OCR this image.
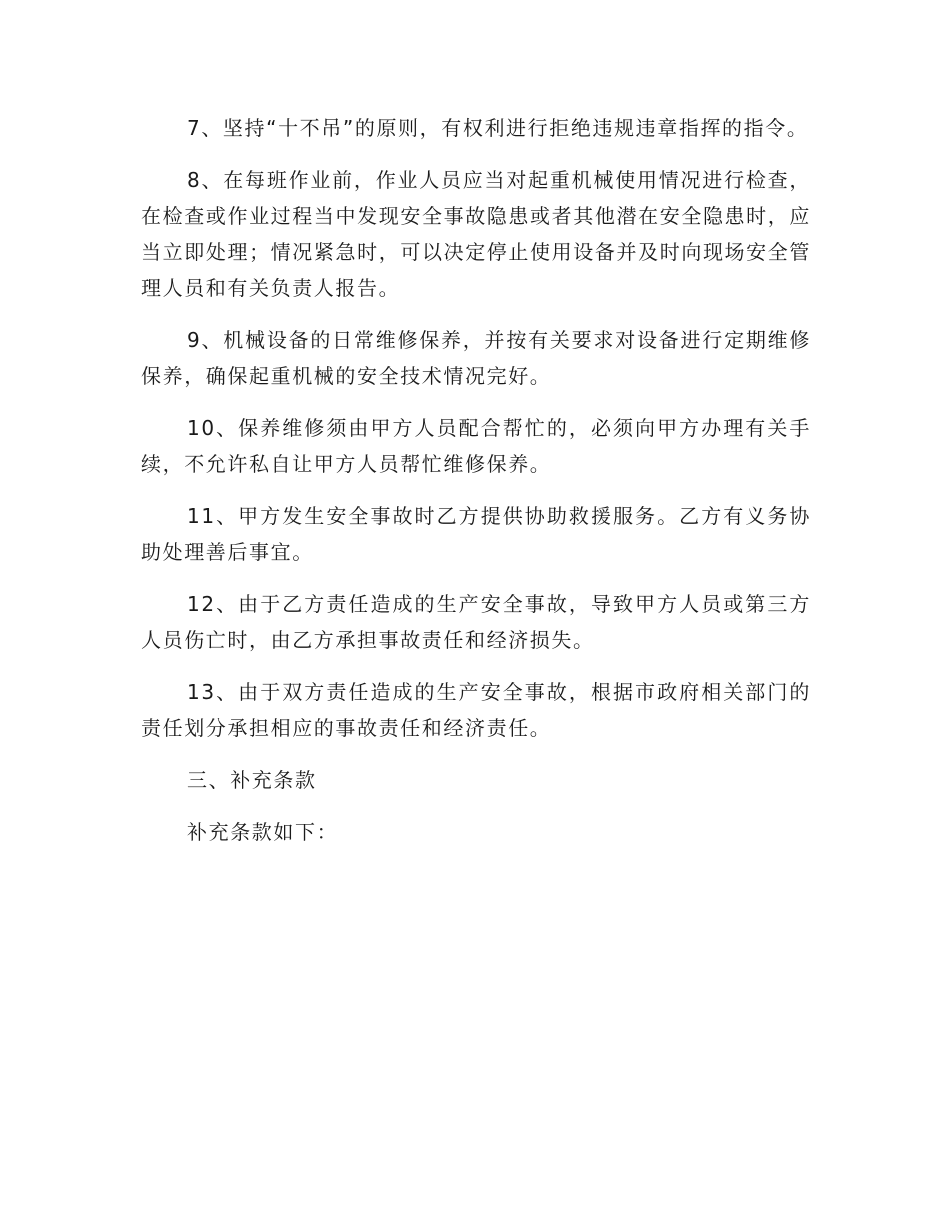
7、坚持“十不吊”的原则，有权利进行拒绝违规违章指挥的指令。

8、在每班作业前，作业人员应当对起重机械使用情况进行检查，在检查或作业过程当中发现安全事故隐患或者其他潜在安全隐患时，应当立即处理；情况紧急时，可以决定停止使用设备并及时向现场安全管理人员和有关负责人报告。

9、机械设备的日常维修保养，并按有关要求对设备进行定期维修保养，确保起重机械的安全技术情况完好。

10、保养维修须由甲方人员配合帮忙的，必须向甲方办理有关手续，不允许私自让甲方人员帮忙维修保养。

11、甲方发生安全事故时乙方提供协助救援服务。乙方有义务协助处理善后事宜。

12、由于乙方责任造成的生产安全事故，导致甲方人员或第三方人员伤亡时，由乙方承担事故责任和经济损失。

13、由于双方责任造成的生产安全事故，根据市政府相关部门的责任划分承担相应的事故责任和经济责任。

三、补充条款

补充条款如下：
